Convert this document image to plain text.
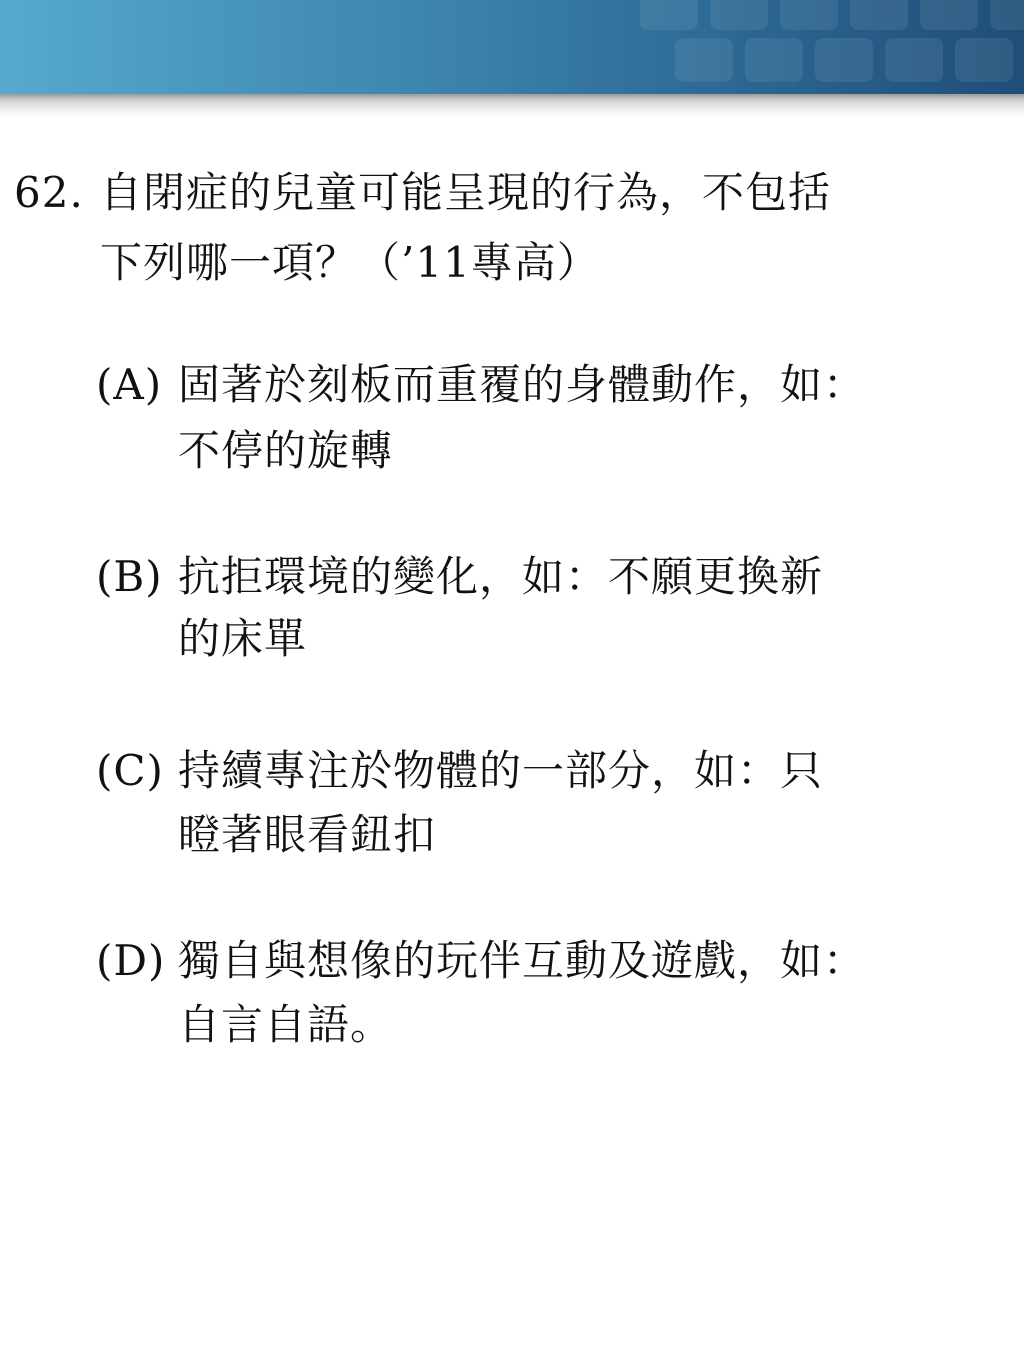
62. 自閉症的兒童可能呈現的行為，不包括
下列哪一項？（’11專高）
(A) 固著於刻板而重覆的身體動作，如：
不停的旋轉
(B) 抗拒環境的變化，如：不願更換新
的床單
(C) 持續專注於物體的一部分，如：只
瞪著眼看鈕扣
(D) 獨自與想像的玩伴互動及遊戲，如：
自言自語。
